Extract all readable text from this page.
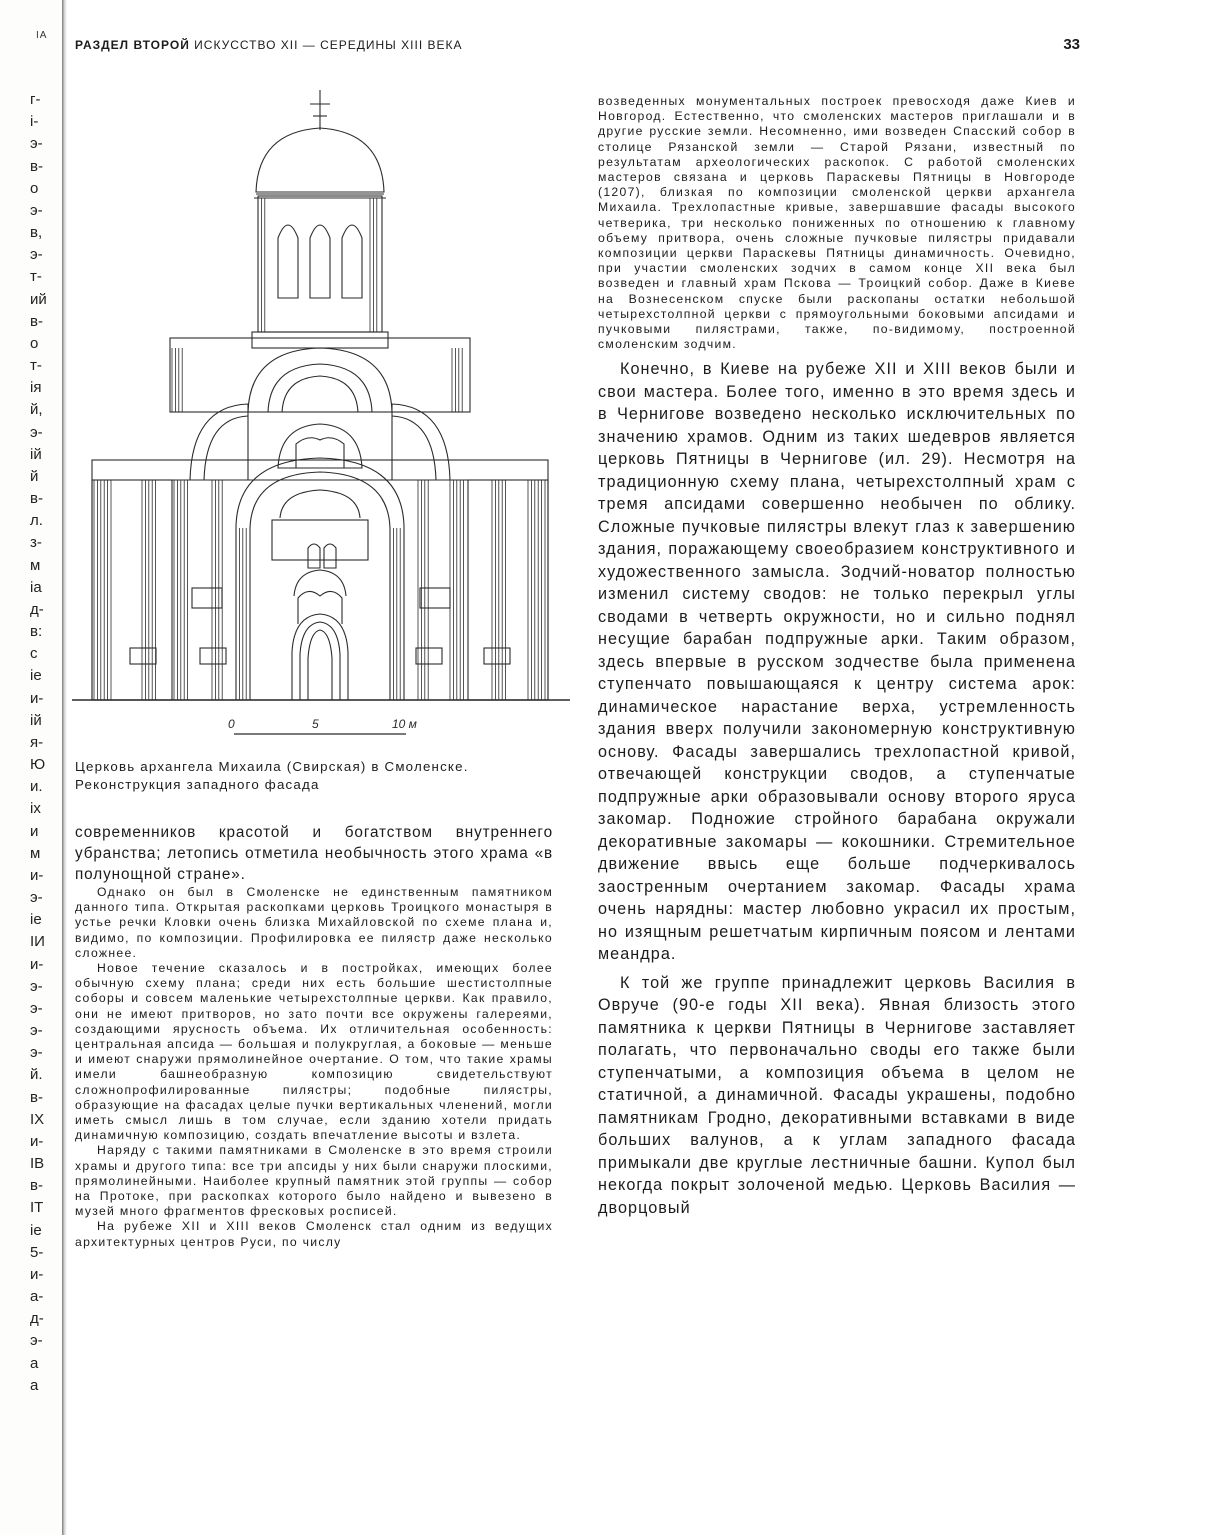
IA
г-
і-
э-
в-
о
э-
в,
э-
т-
ий
в-
о
т-
ія
й,
э-
ій
й
в-
л.
з-
м
іа
д-
в:
с
іе
и-
ій
я-
Ю
и.
іх
и
м
и-
э-
іе
ІИ
и-
э-
э-
э-
э-
й.
в-
ІХ
и-
ІВ
в-
ІТ
іе
5-
и-
а-
д-
э-
а
а
РАЗДЕЛ ВТОРОЙ ИСКУССТВО XII — СЕРЕДИНЫ XIII ВЕКА	33
0	5	10 м
Церковь архангела Михаила (Свирская) в Смоленске. Реконструкция западного фасада

современников красотой и богатством внутреннего убранства; летопись отметила необычность этого храма «в полунощной стране».

Однако он был в Смоленске не единственным памятником данного типа. Открытая раскопками церковь Троицкого монастыря в устье речки Кловки очень близка Михайловской по схеме плана и, видимо, по композиции. Профилировка ее пилястр даже несколько сложнее.

Новое течение сказалось и в постройках, имеющих более обычную схему плана; среди них есть большие шестистолпные соборы и совсем маленькие четырехстолпные церкви. Как правило, они не имеют притворов, но зато почти все окружены галереями, создающими ярусность объема. Их отличительная особенность: центральная апсида — большая и полукруглая, а боковые — меньше и имеют снаружи прямолинейное очертание. О том, что такие храмы имели башнеобразную композицию свидетельствуют сложнопрофилированные пилястры; подобные пилястры, образующие на фасадах целые пучки вертикальных членений, могли иметь смысл лишь в том случае, если зданию хотели придать динамичную композицию, создать впечатление высоты и взлета.

Наряду с такими памятниками в Смоленске в это время строили храмы и другого типа: все три апсиды у них были снаружи плоскими, прямолинейными. Наиболее крупный памятник этой группы — собор на Протоке, при раскопках которого было найдено и вывезено в музей много фрагментов фресковых росписей.

На рубеже XII и XIII веков Смоленск стал одним из ведущих архитектурных центров Руси, по числу

возведенных монументальных построек превосходя даже Киев и Новгород. Естественно, что смоленских мастеров приглашали и в другие русские земли. Несомненно, ими возведен Спасский собор в столице Рязанской земли — Старой Рязани, известный по результатам археологических раскопок. С работой смоленских мастеров связана и церковь Параскевы Пятницы в Новгороде (1207), близкая по композиции смоленской церкви архангела Михаила. Трехлопастные кривые, завершавшие фасады высокого четверика, три несколько пониженных по отношению к главному объему притвора, очень сложные пучковые пилястры придавали композиции церкви Параскевы Пятницы динамичность. Очевидно, при участии смоленских зодчих в самом конце XII века был возведен и главный храм Пскова — Троицкий собор. Даже в Киеве на Вознесенском спуске были раскопаны остатки небольшой четырехстолпной церкви с прямоугольными боковыми апсидами и пучковыми пилястрами, также, по-видимому, построенной смоленским зодчим.

Конечно, в Киеве на рубеже XII и XIII веков были и свои мастера. Более того, именно в это время здесь и в Чернигове возведено несколько исключительных по значению храмов. Одним из таких шедевров является церковь Пятницы в Чернигове (ил. 29). Несмотря на традиционную схему плана, четырехстолпный храм с тремя апсидами совершенно необычен по облику. Сложные пучковые пилястры влекут глаз к завершению здания, поражающему своеобразием конструктивного и художественного замысла. Зодчий-новатор полностью изменил систему сводов: не только перекрыл углы сводами в четверть окружности, но и сильно поднял несущие барабан подпружные арки. Таким образом, здесь впервые в русском зодчестве была применена ступенчато повышающаяся к центру система арок: динамическое нарастание верха, устремленность здания вверх получили закономерную конструктивную основу. Фасады завершались трехлопастной кривой, отвечающей конструкции сводов, а ступенчатые подпружные арки образовывали основу второго яруса закомар. Подножие стройного барабана окружали декоративные закомары — кокошники. Стремительное движение ввысь еще больше подчеркивалось заостренным очертанием закомар. Фасады храма очень нарядны: мастер любовно украсил их простым, но изящным решетчатым кирпичным поясом и лентами меандра.

К той же группе принадлежит церковь Василия в Овруче (90-е годы XII века). Явная близость этого памятника к церкви Пятницы в Чернигове заставляет полагать, что первоначально своды его также были ступенчатыми, а композиция объема в целом не статичной, а динамичной. Фасады украшены, подобно памятникам Гродно, декоративными вставками в виде больших валунов, а к углам западного фасада примыкали две круглые лестничные башни. Купол был некогда покрыт золоченой медью. Церковь Василия — дворцовый
